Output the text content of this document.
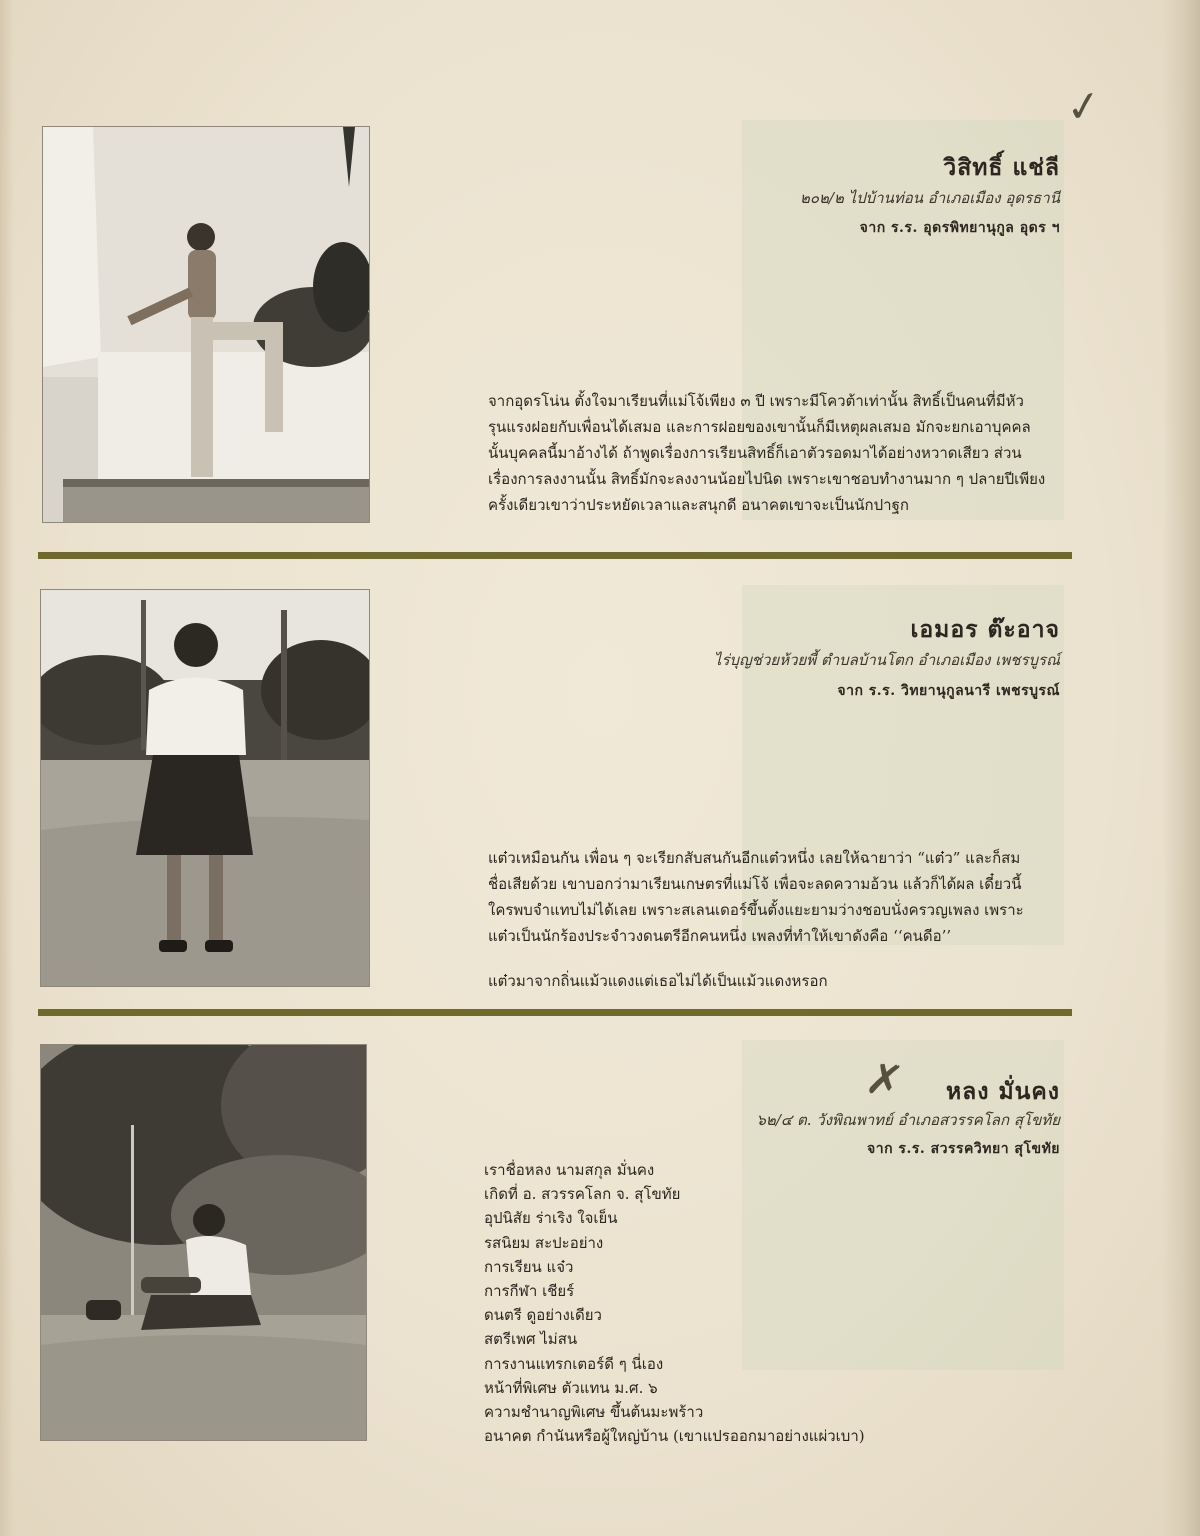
✓
วิสิทธิ์ แช่ลี
๒๐๒/๒ ไปบ้านท่อน อำเภอเมือง อุดรธานี
จาก ร.ร. อุดรพิทยานุกูล อุดร ฯ

จากอุดรโน่น ตั้งใจมาเรียนที่แม่โจ้เพียง ๓ ปี เพราะมีโควต้าเท่านั้น สิทธิ์เป็นคนที่มีหัว

รุนแรงฝอยกับเพื่อนได้เสมอ และการฝอยของเขานั้นก็มีเหตุผลเสมอ มักจะยกเอาบุคคล

นั้นบุคคลนี้มาอ้างได้ ถ้าพูดเรื่องการเรียนสิทธิ์ก็เอาตัวรอดมาได้อย่างหวาดเสียว ส่วน

เรื่องการลงงานนั้น สิทธิ์มักจะลงงานน้อยไปนิด เพราะเขาชอบทำงานมาก ๆ ปลายปีเพียง

ครั้งเดียวเขาว่าประหยัดเวลาและสนุกดี อนาคตเขาจะเป็นนักปาฐก

เอมอร ต๊ะอาจ
ไร่บุญช่วยห้วยพี้ ตำบลบ้านโตก อำเภอเมือง เพชรบูรณ์
จาก ร.ร. วิทยานุกูลนารี เพชรบูรณ์

แต๋วเหมือนกัน เพื่อน ๆ จะเรียกสับสนกันอีกแต๋วหนึ่ง เลยให้ฉายาว่า “แต๋ว” และก็สม

ชื่อเสียด้วย เขาบอกว่ามาเรียนเกษตรที่แม่โจ้ เพื่อจะลดความอ้วน แล้วก็ได้ผล เดี๋ยวนี้

ใครพบจำแทบไม่ได้เลย เพราะสเลนเดอร์ขึ้นตั้งแยะยามว่างชอบนั่งครวญเพลง เพราะ

แต๋วเป็นนักร้องประจำวงดนตรีอีกคนหนึ่ง เพลงที่ทำให้เขาดังคือ ‘‘คนดีอ’’

แต๋วมาจากถิ่นแม้วแดงแต่เธอไม่ได้เป็นแม้วแดงหรอก

✗ หลง มั่นคง
๖๒/๔ ต. วังพิณพาทย์ อำเภอสวรรคโลก สุโขทัย
จาก ร.ร. สวรรควิทยา สุโขทัย

เราชื่อหลง นามสกุล มั่นคง

เกิดที่ อ. สวรรคโลก จ. สุโขทัย

อุปนิสัย ร่าเริง ใจเย็น

รสนิยม สะปะอย่าง

การเรียน แจ๋ว

การกีฬา เชียร์

ดนตรี ดูอย่างเดียว

สตรีเพศ ไม่สน

การงานแทรกเตอร์ดี ๆ นี่เอง

หน้าที่พิเศษ ตัวแทน ม.ศ. ๖

ความชำนาญพิเศษ ขึ้นต้นมะพร้าว

อนาคต กำนันหรือผู้ใหญ่บ้าน (เขาแปรออกมาอย่างแผ่วเบา)
